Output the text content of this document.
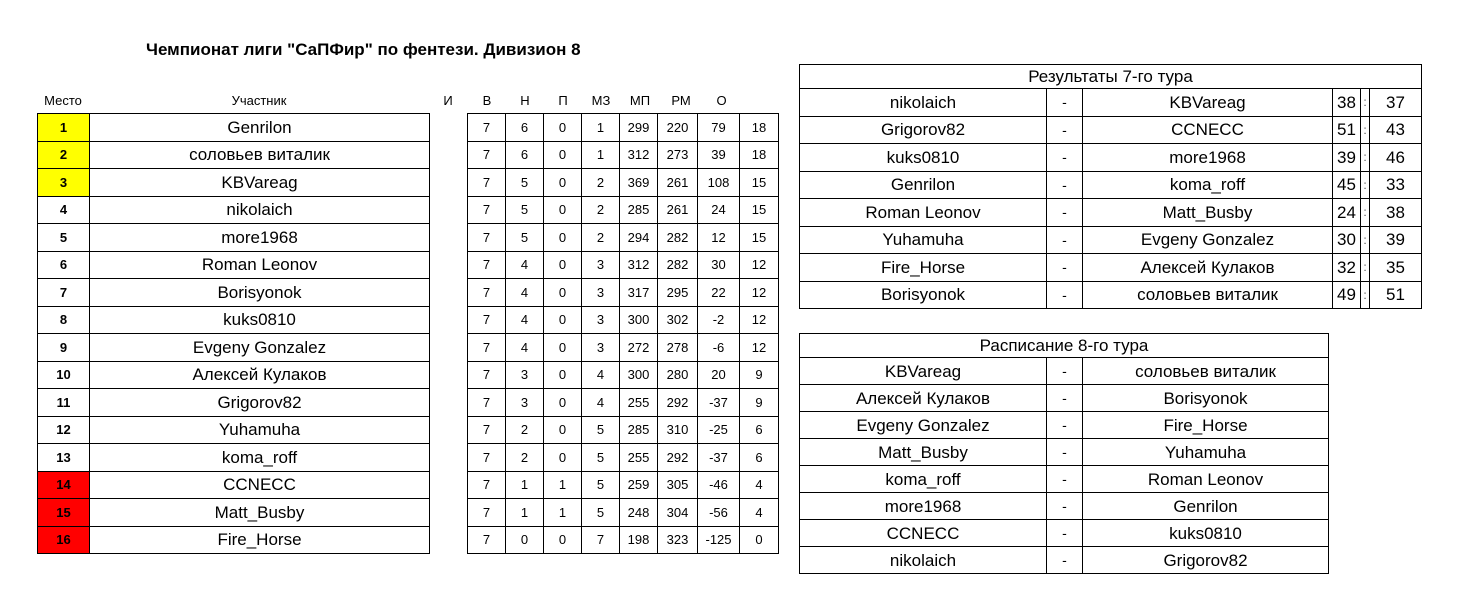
Чемпионат лиги "СаПФир" по фентези. Дивизион 8
Место	Участник	И	В	Н	П	МЗ	МП	РМ	О
1	Genrilon		7	6	0	1	299	220	79	18
2	соловьев виталик		7	6	0	1	312	273	39	18
3	KBVareag		7	5	0	2	369	261	108	15
4	nikolaich		7	5	0	2	285	261	24	15
5	more1968		7	5	0	2	294	282	12	15
6	Roman Leonov		7	4	0	3	312	282	30	12
7	Borisyonok		7	4	0	3	317	295	22	12
8	kuks0810		7	4	0	3	300	302	-2	12
9	Evgeny Gonzalez		7	4	0	3	272	278	-6	12
10	Алексей Кулаков		7	3	0	4	300	280	20	9
11	Grigorov82		7	3	0	4	255	292	-37	9
12	Yuhamuha		7	2	0	5	285	310	-25	6
13	koma_roff		7	2	0	5	255	292	-37	6
14	CCNECC		7	1	1	5	259	305	-46	4
15	Matt_Busby		7	1	1	5	248	304	-56	4
16	Fire_Horse		7	0	0	7	198	323	-125	0
Результаты 7-го тура					
nikolaich	-	KBVareag	38	:	37
Grigorov82	-	CCNECC	51	:	43
kuks0810	-	more1968	39	:	46
Genrilon	-	koma_roff	45	:	33
Roman Leonov	-	Matt_Busby	24	:	38
Yuhamuha	-	Evgeny Gonzalez	30	:	39
Fire_Horse	-	Алексей Кулаков	32	:	35
Borisyonok	-	соловьев виталик	49	:	51
Расписание 8-го тура		
KBVareag	-	соловьев виталик
Алексей Кулаков	-	Borisyonok
Evgeny Gonzalez	-	Fire_Horse
Matt_Busby	-	Yuhamuha
koma_roff	-	Roman Leonov
more1968	-	Genrilon
CCNECC	-	kuks0810
nikolaich	-	Grigorov82
